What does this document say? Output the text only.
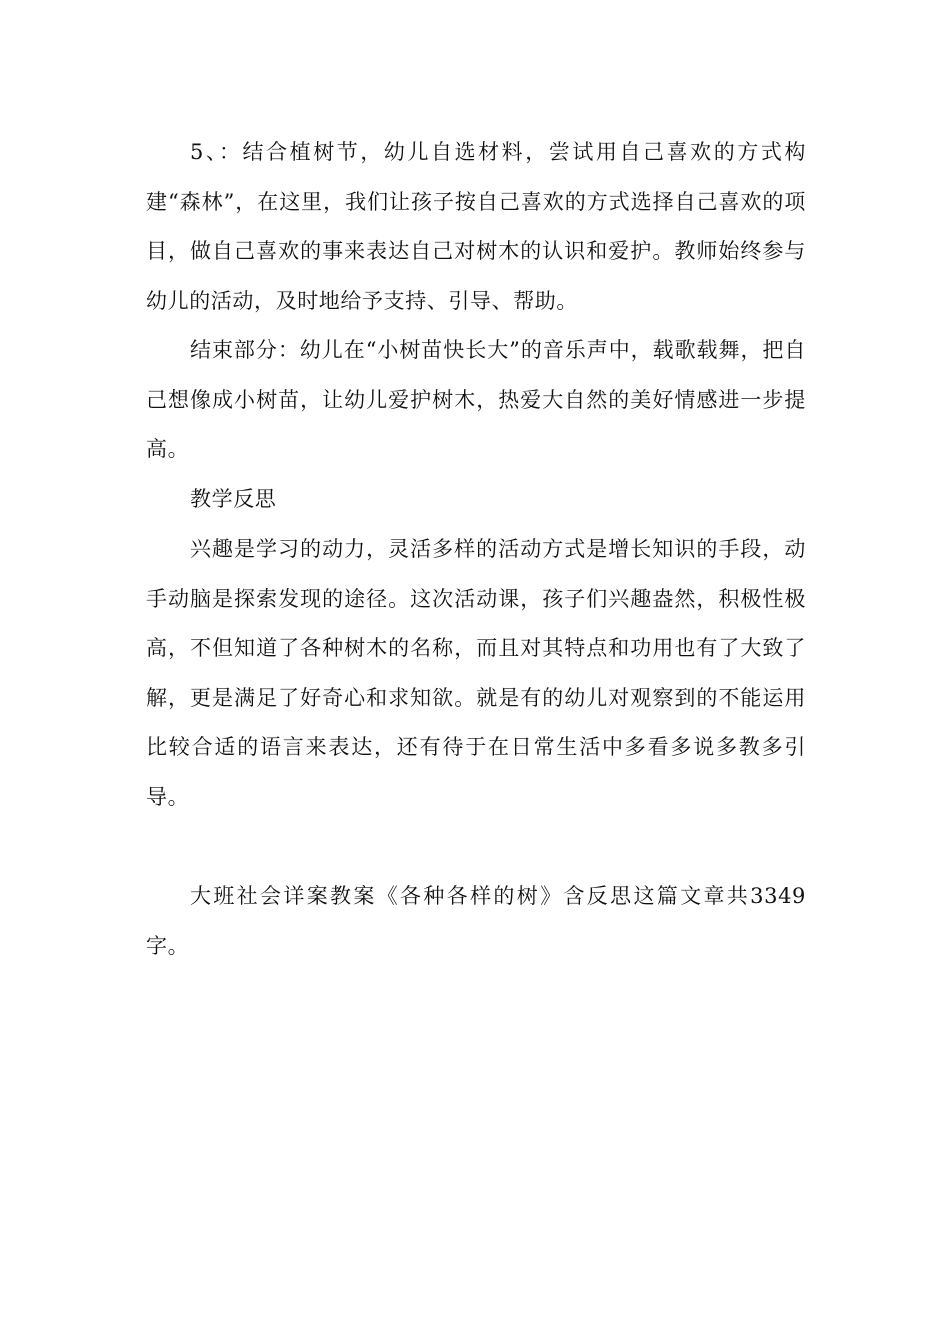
5、：结合植树节，幼儿自选材料，尝试用自己喜欢的方式构建“森林”，在这里，我们让孩子按自己喜欢的方式选择自己喜欢的项目，做自己喜欢的事来表达自己对树木的认识和爱护。教师始终参与幼儿的活动，及时地给予支持、引导、帮助。

结束部分：幼儿在“小树苗快长大”的音乐声中，载歌载舞，把自己想像成小树苗，让幼儿爱护树木，热爱大自然的美好情感进一步提高。

教学反思

兴趣是学习的动力，灵活多样的活动方式是增长知识的手段，动手动脑是探索发现的途径。这次活动课，孩子们兴趣盎然，积极性极高，不但知道了各种树木的名称，而且对其特点和功用也有了大致了解，更是满足了好奇心和求知欲。就是有的幼儿对观察到的不能运用比较合适的语言来表达，还有待于在日常生活中多看多说多教多引导。

大班社会详案教案《各种各样的树》含反思这篇文章共3349字。
